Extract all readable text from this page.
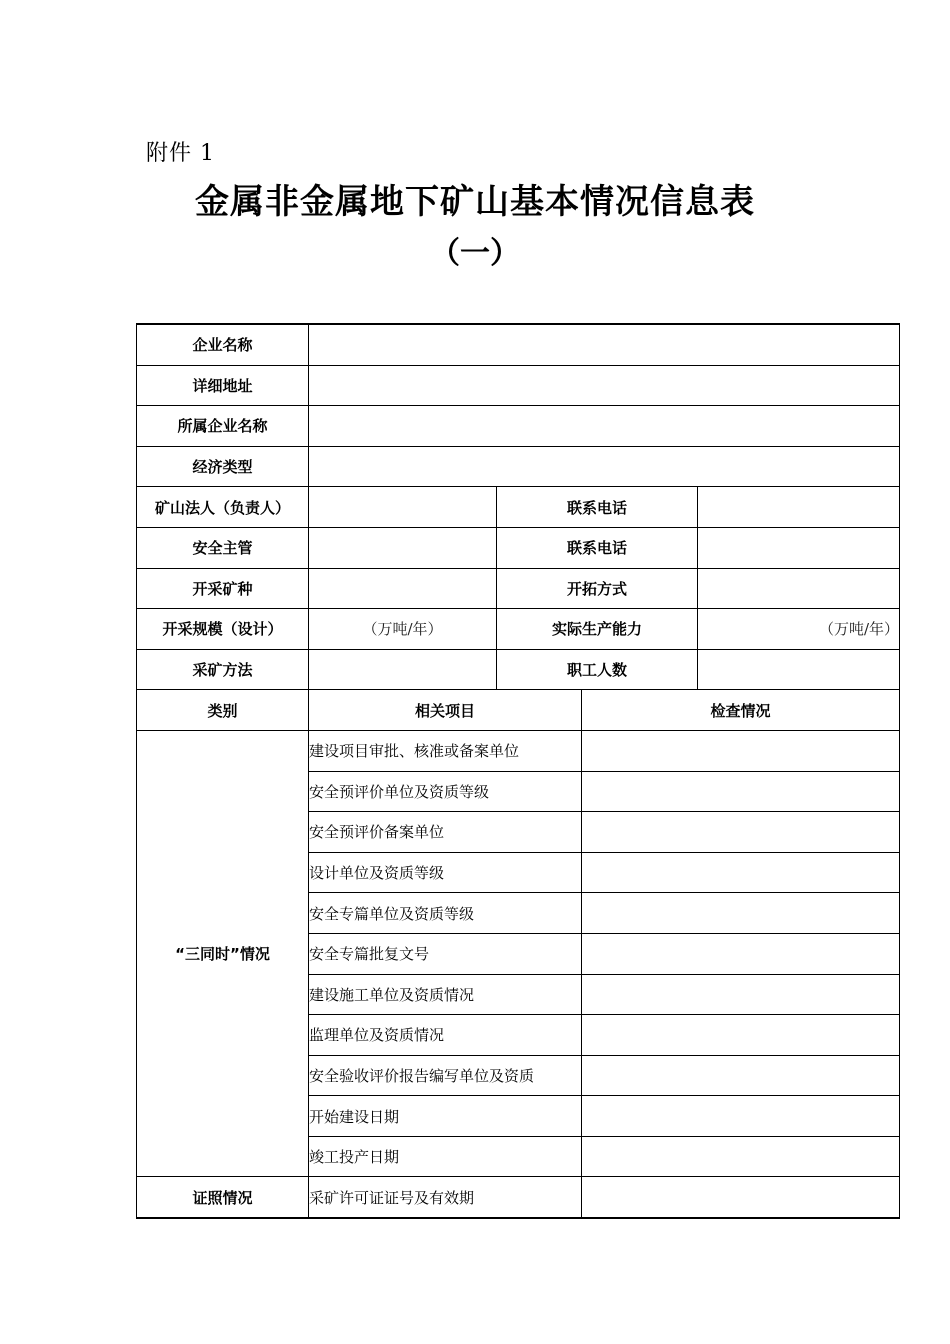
附件 1
金属非金属地下矿山基本情况信息表
（一）
企业名称				
详细地址				
所属企业名称				
经济类型				
矿山法人（负责人）		联系电话		
安全主管		联系电话		
开采矿种		开拓方式		
开采规模（设计）	（万吨/年）	实际生产能力		（万吨/年）
采矿方法		职工人数		
类别	相关项目		检查情况	
“三同时”情况	建设项目审批、核准或备案单位			
	安全预评价单位及资质等级			
	安全预评价备案单位			
	设计单位及资质等级			
	安全专篇单位及资质等级			
	安全专篇批复文号			
	建设施工单位及资质情况			
	监理单位及资质情况			
	安全验收评价报告编写单位及资质			
	开始建设日期			
	竣工投产日期			
证照情况	采矿许可证证号及有效期			
